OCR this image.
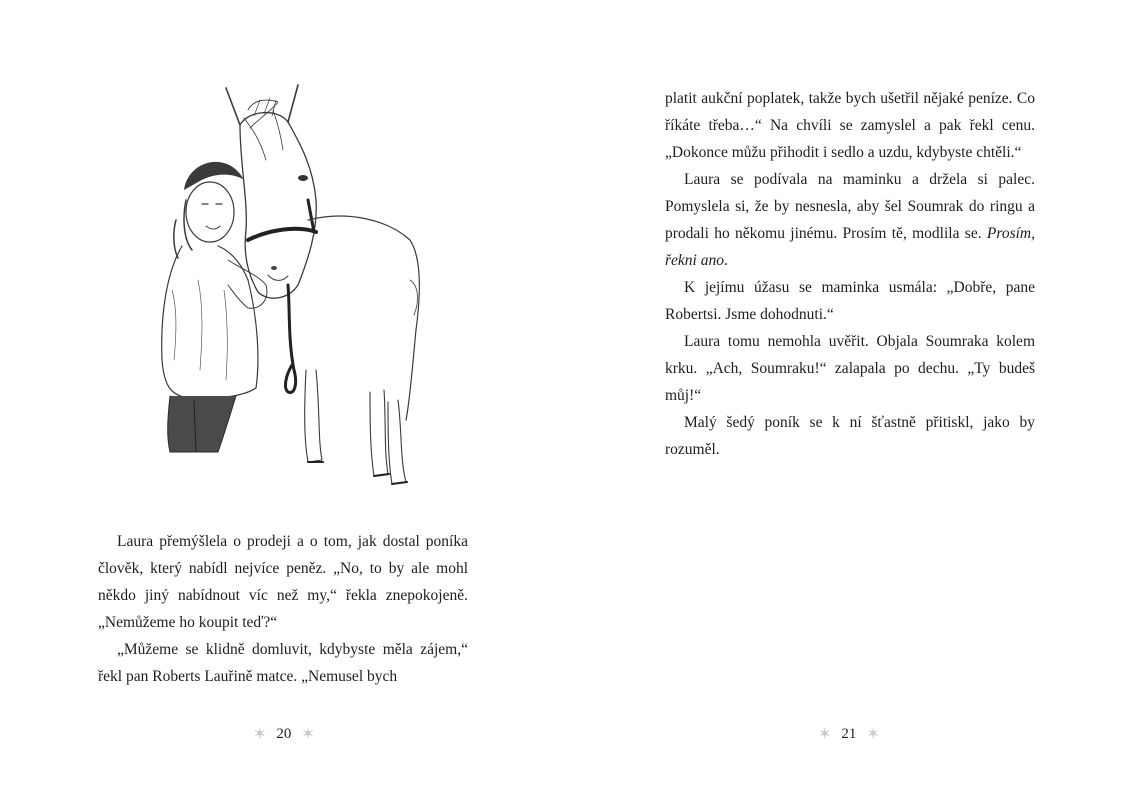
Laura přemýšlela o prodeji a o tom, jak dostal poníka člověk, který nabídl nejvíce peněz. „No, to by ale mohl někdo jiný nabídnout víc než my,“ řekla znepokojeně. „Nemůžeme ho koupit teď?“

„Můžeme se klidně domluvit, kdybyste měla zájem,“ řekl pan Roberts Lauřině matce. „Nemusel bych

✶ 20 ✶

platit aukční poplatek, takže bych ušetřil nějaké peníze. Co říkáte třeba…“ Na chvíli se zamyslel a pak řekl cenu. „Dokonce můžu přihodit i sedlo a uzdu, kdybyste chtěli.“

Laura se podívala na maminku a držela si palec. Pomyslela si, že by nesnesla, aby šel Soumrak do ringu a prodali ho někomu jinému. Prosím tě, modlila se. Prosím, řekni ano.

K jejímu úžasu se maminka usmála: „Dobře, pane Robertsi. Jsme dohodnuti.“

Laura tomu nemohla uvěřit. Objala Soumraka kolem krku. „Ach, Soumraku!“ zalapala po dechu. „Ty budeš můj!“

Malý šedý poník se k ní šťastně přitiskl, jako by rozuměl.

✶ 21 ✶
